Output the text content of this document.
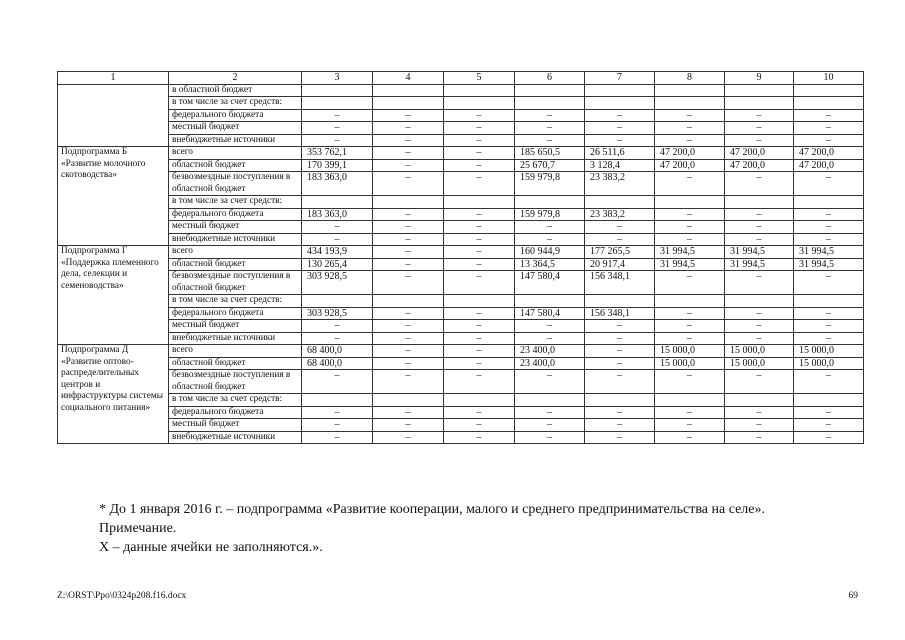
1	2	3	4	5	6	7	8	9	10
	в областной бюджет								
	в том числе за счет средств:								
	федерального бюджета	–	–	–	–	–	–	–	–
	местный бюджет	–	–	–	–	–	–	–	–
	внебюджетные источники	–	–	–	–	–	–	–	–
Подпрограмма Б «Развитие молочного скотоводства»	всего	353 762,1	–	–	185 650,5	26 511,6	47 200,0	47 200,0	47 200,0
	областной бюджет	170 399,1	–	–	25 670,7	3 128,4	47 200,0	47 200,0	47 200,0
	безвозмездные поступления в областной бюджет	183 363,0	–	–	159 979,8	23 383,2	–	–	–
	в том числе за счет средств:								
	федерального бюджета	183 363,0	–	–	159 979,8	23 383,2	–	–	–
	местный бюджет	–	–	–	–	–	–	–	–
	внебюджетные источники	–	–	–	–	–	–	–	–
Подпрограмма Г «Поддержка племенного дела, селекции и семеноводства»	всего	434 193,9	–	–	160 944,9	177 265,5	31 994,5	31 994,5	31 994,5
	областной бюджет	130 265,4	–	–	13 364,5	20 917,4	31 994,5	31 994,5	31 994,5
	безвозмездные поступления в областной бюджет	303 928,5	–	–	147 580,4	156 348,1	–	–	–
	в том числе за счет средств:								
	федерального бюджета	303 928,5	–	–	147 580,4	156 348,1	–	–	–
	местный бюджет	–	–	–	–	–	–	–	–
	внебюджетные источники	–	–	–	–	–	–	–	–
Подпрограмма Д «Развитие оптово-распределительных центров и инфраструктуры системы социального питания»	всего	68 400,0	–	–	23 400,0	–	15 000,0	15 000,0	15 000,0
	областной бюджет	68 400,0	–	–	23 400,0	–	15 000,0	15 000,0	15 000,0
	безвозмездные поступления в областной бюджет	–	–	–	–	–	–	–	–
	в том числе за счет средств:								
	федерального бюджета	–	–	–	–	–	–	–	–
	местный бюджет	–	–	–	–	–	–	–	–
	внебюджетные источники	–	–	–	–	–	–	–	–

* До 1 января 2016 г. – подпрограмма «Развитие кооперации, малого и среднего предпринимательства на селе».

Примечание.

Х – данные ячейки не заполняются.».

Z:\ORST\Ppo\0324p208.f16.docx	69
